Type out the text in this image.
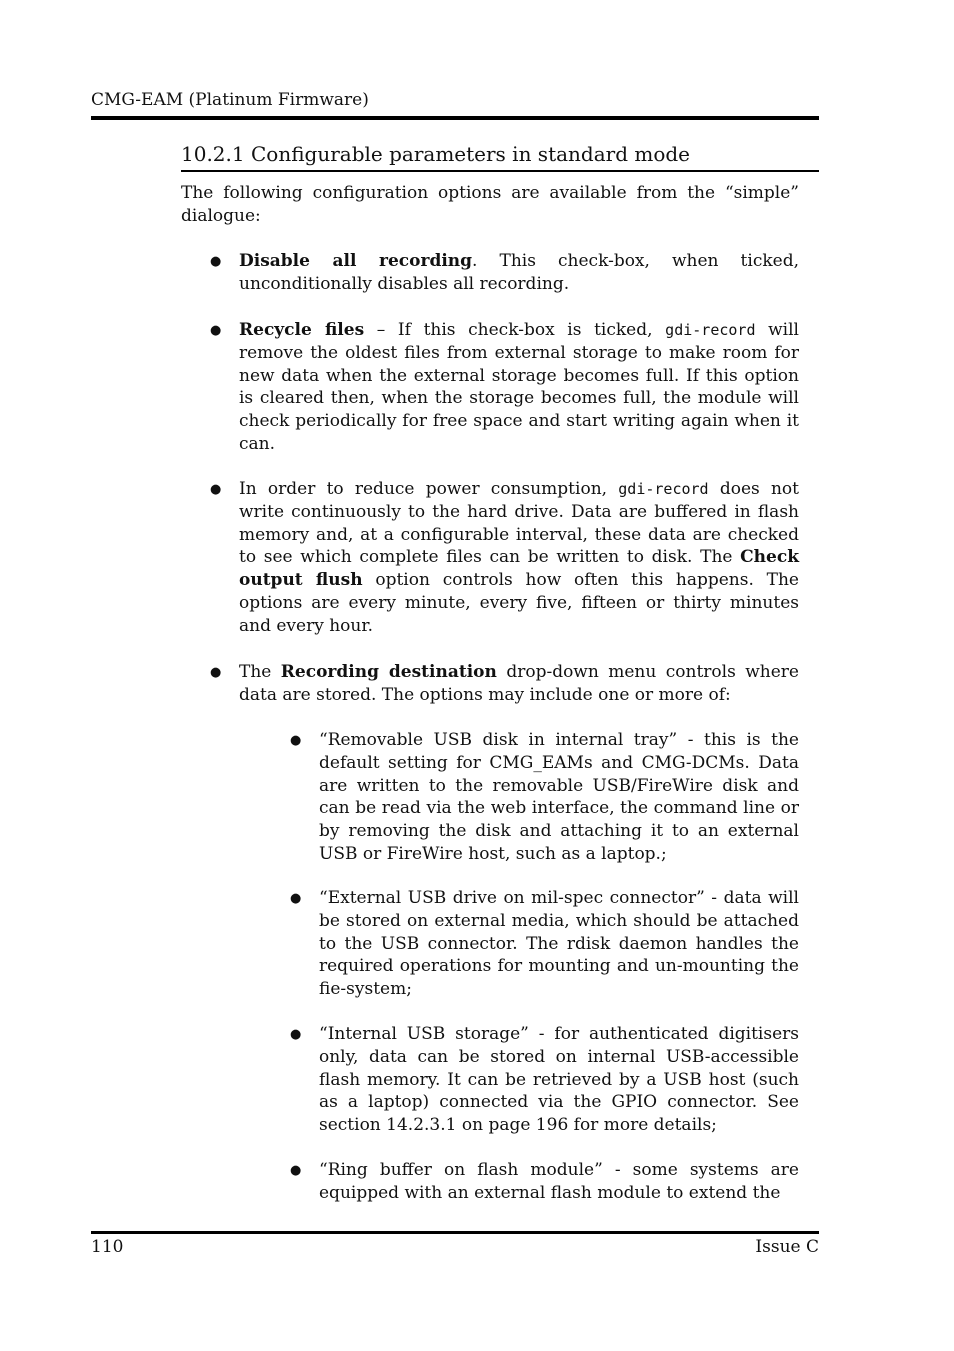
CMG-EAM (Platinum Firmware)
10.2.1 Configurable parameters in standard mode
The following configuration options are available from the “simple” dialogue:
● Disable all recording. This check-box, when ticked, unconditionally disables all recording.
● Recycle files – If this check-box is ticked, gdi-record will remove the oldest files from external storage to make room for new data when the external storage becomes full. If this option is cleared then, when the storage becomes full, the module will check periodically for free space and start writing again when it can.
● In order to reduce power consumption, gdi-record does not write continuously to the hard drive. Data are buffered in flash memory and, at a configurable interval, these data are checked to see which complete files can be written to disk. The Check output flush option controls how often this happens. The options are every minute, every five, fifteen or thirty minutes and every hour.
● The Recording destination drop-down menu controls where data are stored. The options may include one or more of:
● “Removable USB disk in internal tray” - this is the default setting for CMG_EAMs and CMG-DCMs. Data are written to the removable USB/FireWire disk and can be read via the web interface, the command line or by removing the disk and attaching it to an external USB or FireWire host, such as a laptop.;
● “External USB drive on mil-spec connector” - data will be stored on external media, which should be attached to the USB connector. The rdisk daemon handles the required operations for mounting and un-mounting the fie-system;
● “Internal USB storage” - for authenticated digitisers only, data can be stored on internal USB-accessible flash memory. It can be retrieved by a USB host (such as a laptop) connected via the GPIO connector. See section 14.2.3.1 on page 196 for more details;
● “Ring buffer on flash module” - some systems are equipped with an external flash module to extend the
110	Issue C
